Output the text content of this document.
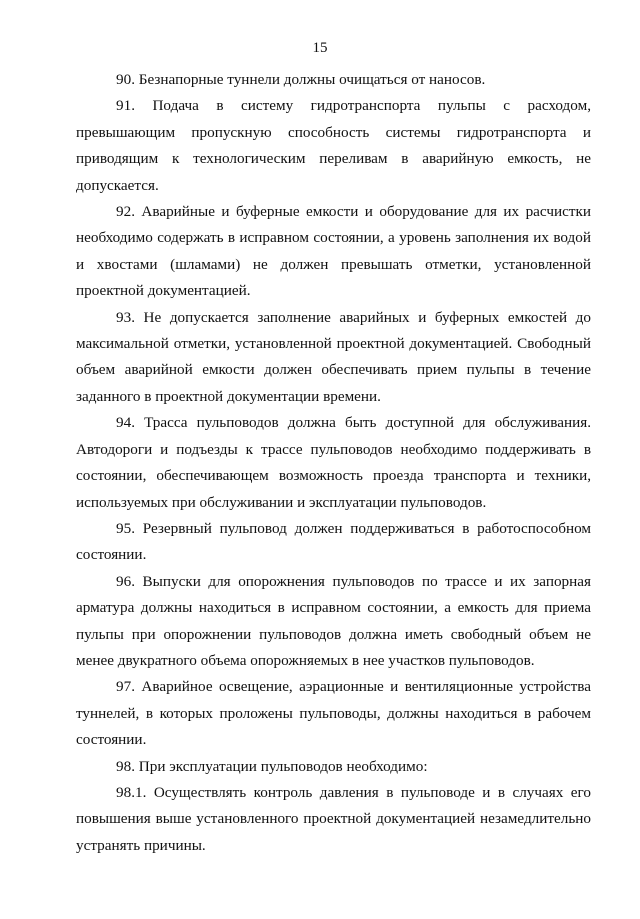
15

90. Безнапорные туннели должны очищаться от наносов.

91. Подача в систему гидротранспорта пульпы с расходом, превышающим пропускную способность системы гидротранспорта и приводящим к технологическим переливам в аварийную емкость, не допускается.

92. Аварийные и буферные емкости и оборудование для их расчистки необходимо содержать в исправном состоянии, а уровень заполнения их водой и хвостами (шламами) не должен превышать отметки, установленной проектной документацией.

93. Не допускается заполнение аварийных и буферных емкостей до максимальной отметки, установленной проектной документацией. Свободный объем аварийной емкости должен обеспечивать прием пульпы в течение заданного в проектной документации времени.

94. Трасса пульповодов должна быть доступной для обслуживания. Автодороги и подъезды к трассе пульповодов необходимо поддерживать в состоянии, обеспечивающем возможность проезда транспорта и техники, используемых при обслуживании и эксплуатации пульповодов.

95. Резервный пульповод должен поддерживаться в работоспособном состоянии.

96. Выпуски для опорожнения пульповодов по трассе и их запорная арматура должны находиться в исправном состоянии, а емкость для приема пульпы при опорожнении пульповодов должна иметь свободный объем не менее двукратного объема опорожняемых в нее участков пульповодов.

97. Аварийное освещение, аэрационные и вентиляционные устройства туннелей, в которых проложены пульповоды, должны находиться в рабочем состоянии.

98. При эксплуатации пульповодов необходимо:

98.1. Осуществлять контроль давления в пульповоде и в случаях его повышения выше установленного проектной документацией незамедлительно устранять причины.
